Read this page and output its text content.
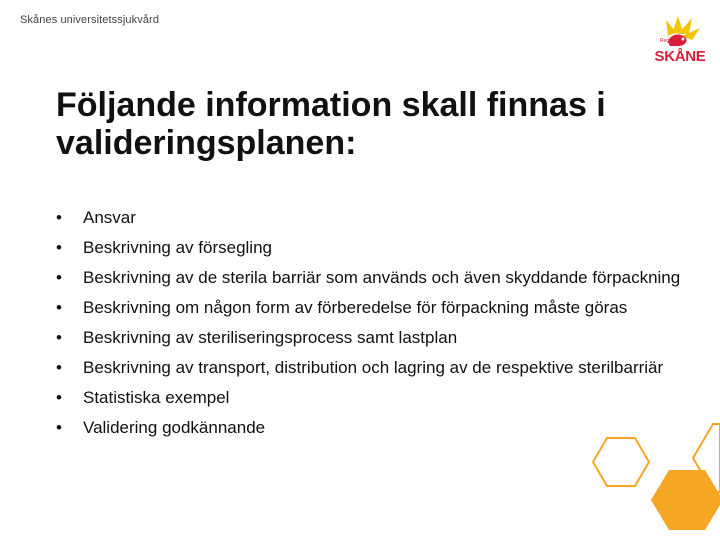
Skånes universitetssjukvård
Region
SKÅNE
Följande information skall finnas i valideringsplanen:
• Ansvar
• Beskrivning av försegling
• Beskrivning av de sterila barriär som används och även skyddande förpackning
• Beskrivning om någon form av förberedelse för förpackning måste göras
• Beskrivning av steriliseringsprocess samt lastplan
• Beskrivning av transport, distribution och lagring av de respektive sterilbarriär
• Statistiska exempel
• Validering godkännande
